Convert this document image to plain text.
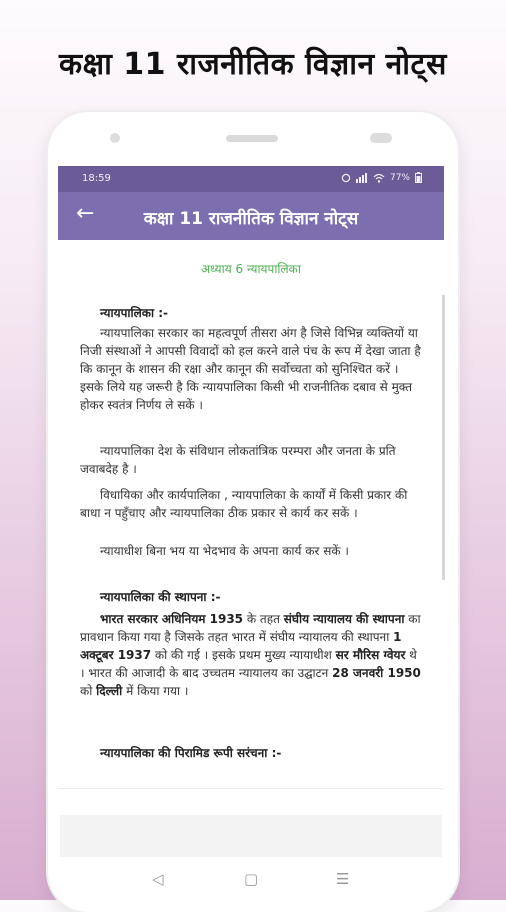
कक्षा 11 राजनीतिक विज्ञान नोट्स
18:59	77%
←	कक्षा 11 राजनीतिक विज्ञान नोट्स
अध्याय 6 न्यायपालिका
न्यायपालिका :-

न्यायपालिका सरकार का महत्वपूर्ण तीसरा अंग है जिसे विभिन्न व्यक्तियों या निजी संस्थाओं ने आपसी विवादों को हल करने वाले पंच के रूप में देखा जाता है कि कानून के शासन की रक्षा और कानून की सर्वोच्चता को सुनिश्चित करें । इसके लिये यह जरूरी है कि न्यायपालिका किसी भी राजनीतिक दबाव से मुक्त होकर स्वतंत्र निर्णय ले सकें ।

न्यायपालिका देश के संविधान लोकतांत्रिक परम्परा और जनता के प्रति जवाबदेह है ।

विधायिका और कार्यपालिका , न्यायपालिका के कार्यों में किसी प्रकार की बाधा न पहुँचाए और न्यायपालिका ठीक प्रकार से कार्य कर सकें ।

न्यायाधीश बिना भय या भेदभाव के अपना कार्य कर सकें ।

न्यायपालिका की स्थापना :-

भारत सरकार अधिनियम 1935 के तहत संघीय न्यायालय की स्थापना का प्रावधान किया गया है जिसके तहत भारत में संघीय न्यायालय की स्थापना 1 अक्टूबर 1937 को की गई । इसके प्रथम मुख्य न्यायाधीश सर मौरिस ग्वेयर थे । भारत की आजादी के बाद उच्चतम न्यायालय का उद्घाटन 28 जनवरी 1950 को दिल्ली में किया गया ।

न्यायपालिका की पिरामिड रूपी सरंचना :-
◁	▢	☰
